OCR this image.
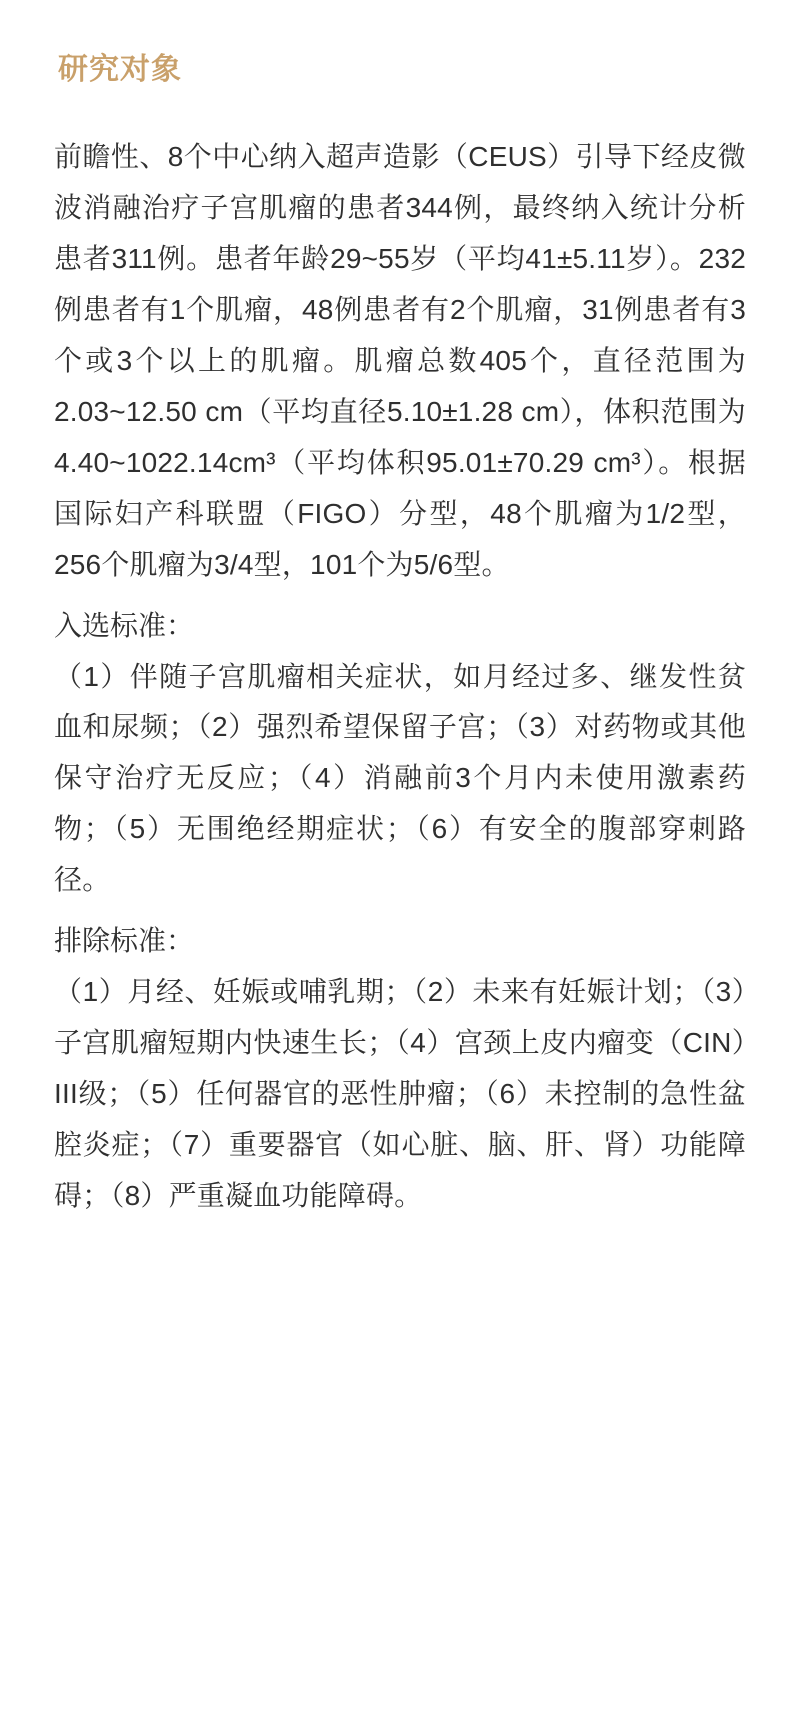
研究对象

前瞻性、8个中心纳入超声造影（CEUS）引导下经皮微波消融治疗子宫肌瘤的患者344例，最终纳入统计分析患者311例。患者年龄29~55岁（平均41±5.11岁）。232例患者有1个肌瘤，48例患者有2个肌瘤，31例患者有3个或3个以上的肌瘤。肌瘤总数405个，直径范围为2.03~12.50 cm（平均直径5.10±1.28 cm），体积范围为4.40~1022.14cm³（平均体积95.01±70.29 cm³）。根据国际妇产科联盟（FIGO）分型，48个肌瘤为1/2型，256个肌瘤为3/4型，101个为5/6型。

入选标准：

（1）伴随子宫肌瘤相关症状，如月经过多、继发性贫血和尿频；（2）强烈希望保留子宫；（3）对药物或其他保守治疗无反应；（4）消融前3个月内未使用激素药物；（5）无围绝经期症状；（6）有安全的腹部穿刺路径。

排除标准：

（1）月经、妊娠或哺乳期；（2）未来有妊娠计划；（3）子宫肌瘤短期内快速生长；（4）宫颈上皮内瘤变（CIN）III级；（5）任何器官的恶性肿瘤；（6）未控制的急性盆腔炎症；（7）重要器官（如心脏、脑、肝、肾）功能障碍；（8）严重凝血功能障碍。
